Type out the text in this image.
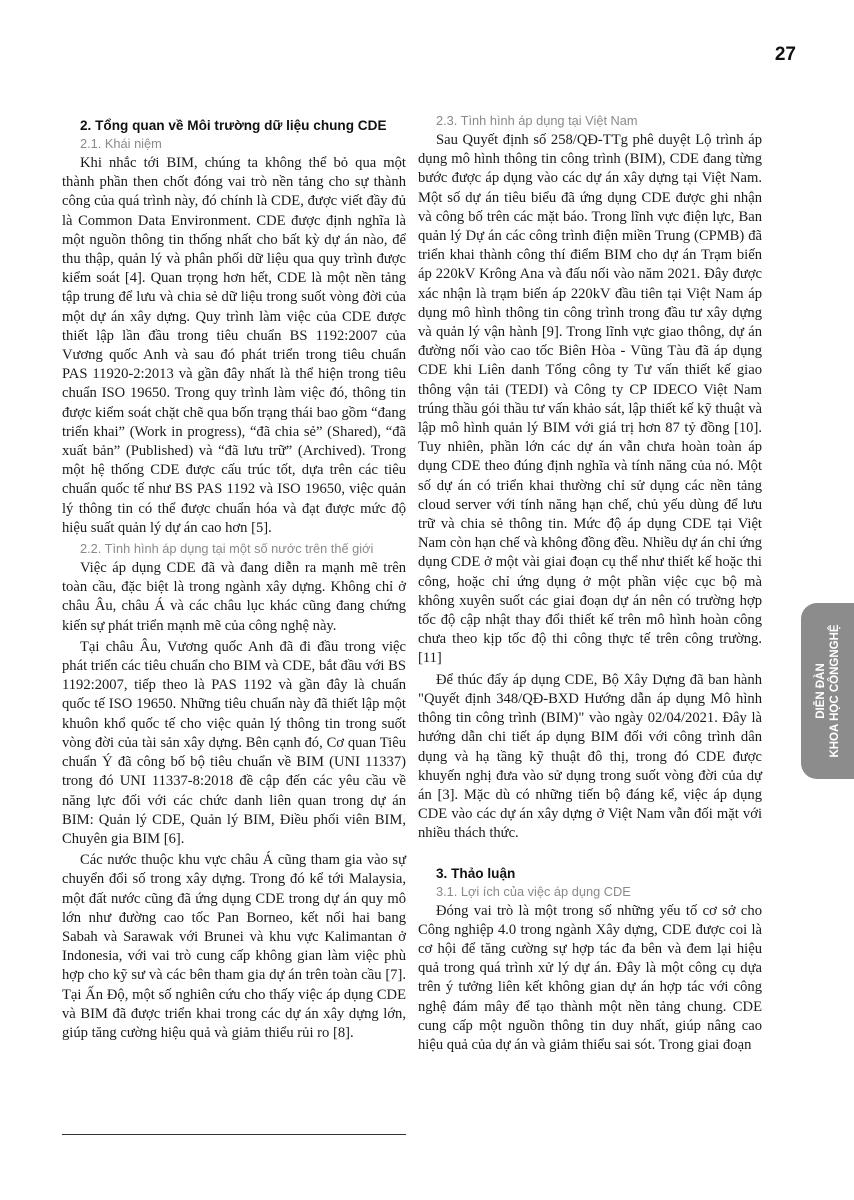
27
2. Tổng quan về Môi trường dữ liệu chung CDE
2.1. Khái niệm

Khi nhắc tới BIM, chúng ta không thể bỏ qua một thành phần then chốt đóng vai trò nền tảng cho sự thành công của quá trình này, đó chính là CDE, được viết đầy đủ là Common Data Environment. CDE được định nghĩa là một nguồn thông tin thống nhất cho bất kỳ dự án nào, để thu thập, quản lý và phân phối dữ liệu qua quy trình được kiểm soát [4]. Quan trọng hơn hết, CDE là một nền tảng tập trung để lưu và chia sẻ dữ liệu trong suốt vòng đời của một dự án xây dựng. Quy trình làm việc của CDE được thiết lập lần đầu trong tiêu chuẩn BS 1192:2007 của Vương quốc Anh và sau đó phát triển trong tiêu chuẩn PAS 11920-2:2013 và gần đây nhất là thể hiện trong tiêu chuẩn ISO 19650. Trong quy trình làm việc đó, thông tin được kiểm soát chặt chẽ qua bốn trạng thái bao gồm “đang triển khai” (Work in progress), “đã chia sẻ” (Shared), “đã xuất bản” (Published) và “đã lưu trữ” (Archived). Trong một hệ thống CDE được cấu trúc tốt, dựa trên các tiêu chuẩn quốc tế như BS PAS 1192 và ISO 19650, việc quản lý thông tin có thể được chuẩn hóa và đạt được mức độ hiệu suất quản lý dự án cao hơn [5].

2.2. Tình hình áp dụng tại một số nước trên thế giới

Việc áp dụng CDE đã và đang diễn ra mạnh mẽ trên toàn cầu, đặc biệt là trong ngành xây dựng. Không chỉ ở châu Âu, châu Á và các châu lục khác cũng đang chứng kiến sự phát triển mạnh mẽ của công nghệ này.

Tại châu Âu, Vương quốc Anh đã đi đầu trong việc phát triển các tiêu chuẩn cho BIM và CDE, bắt đầu với BS 1192:2007, tiếp theo là PAS 1192 và gần đây là chuẩn quốc tế ISO 19650. Những tiêu chuẩn này đã thiết lập một khuôn khổ quốc tế cho việc quản lý thông tin trong suốt vòng đời của tài sản xây dựng. Bên cạnh đó, Cơ quan Tiêu chuẩn Ý đã công bố bộ tiêu chuẩn về BIM (UNI 11337) trong đó UNI 11337-8:2018 đề cập đến các yêu cầu về năng lực đối với các chức danh liên quan trong dự án BIM: Quản lý CDE, Quản lý BIM, Điều phối viên BIM, Chuyên gia BIM [6].

Các nước thuộc khu vực châu Á cũng tham gia vào sự chuyển đổi số trong xây dựng. Trong đó kể tới Malaysia, một đất nước cũng đã ứng dụng CDE trong dự án quy mô lớn như đường cao tốc Pan Borneo, kết nối hai bang Sabah và Sarawak với Brunei và khu vực Kalimantan ở Indonesia, với vai trò cung cấp không gian làm việc phù hợp cho kỹ sư và các bên tham gia dự án trên toàn cầu [7]. Tại Ấn Độ, một số nghiên cứu cho thấy việc áp dụng CDE và BIM đã được triển khai trong các dự án xây dựng lớn, giúp tăng cường hiệu quả và giảm thiểu rủi ro [8].

2.3. Tình hình áp dụng tại Việt Nam

Sau Quyết định số 258/QĐ-TTg phê duyệt Lộ trình áp dụng mô hình thông tin công trình (BIM), CDE đang từng bước được áp dụng vào các dự án xây dựng tại Việt Nam. Một số dự án tiêu biểu đã ứng dụng CDE được ghi nhận và công bố trên các mặt báo. Trong lĩnh vực điện lực, Ban quản lý Dự án các công trình điện miền Trung (CPMB) đã triển khai thành công thí điểm BIM cho dự án Trạm biến áp 220kV Krông Ana và đấu nối vào năm 2021. Đây được xác nhận là trạm biến áp 220kV đầu tiên tại Việt Nam áp dụng mô hình thông tin công trình trong đầu tư xây dựng và quản lý vận hành [9]. Trong lĩnh vực giao thông, dự án đường nối vào cao tốc Biên Hòa - Vũng Tàu đã áp dụng CDE khi Liên danh Tổng công ty Tư vấn thiết kế giao thông vận tải (TEDI) và Công ty CP IDECO Việt Nam trúng thầu gói thầu tư vấn khảo sát, lập thiết kế kỹ thuật và lập mô hình quản lý BIM với giá trị hơn 87 tỷ đồng [10]. Tuy nhiên, phần lớn các dự án vẫn chưa hoàn toàn áp dụng CDE theo đúng định nghĩa và tính năng của nó. Một số dự án có triển khai thường chỉ sử dụng các nền tảng cloud server với tính năng hạn chế, chủ yếu dùng để lưu trữ và chia sẻ thông tin. Mức độ áp dụng CDE tại Việt Nam còn hạn chế và không đồng đều. Nhiều dự án chỉ ứng dụng CDE ở một vài giai đoạn cụ thể như thiết kế hoặc thi công, hoặc chỉ ứng dụng ở một phần việc cục bộ mà không xuyên suốt các giai đoạn dự án nên có trường hợp tốc độ cập nhật thay đổi thiết kế trên mô hình hoàn công chưa theo kịp tốc độ thi công thực tế trên công trường. [11]

Để thúc đẩy áp dụng CDE, Bộ Xây Dựng đã ban hành "Quyết định 348/QĐ-BXD Hướng dẫn áp dụng Mô hình thông tin công trình (BIM)" vào ngày 02/04/2021. Đây là hướng dẫn chi tiết áp dụng BIM đối với công trình dân dụng và hạ tầng kỹ thuật đô thị, trong đó CDE được khuyến nghị đưa vào sử dụng trong suốt vòng đời của dự án [3]. Mặc dù có những tiến bộ đáng kể, việc áp dụng CDE vào các dự án xây dựng ở Việt Nam vẫn đối mặt với nhiều thách thức.

3. Thảo luận
3.1. Lợi ích của việc áp dụng CDE

Đóng vai trò là một trong số những yếu tố cơ sở cho Công nghiệp 4.0 trong ngành Xây dựng, CDE được coi là cơ hội để tăng cường sự hợp tác đa bên và đem lại hiệu quả trong quá trình xử lý dự án. Đây là một công cụ dựa trên ý tưởng liên kết không gian dự án hợp tác với công nghệ đám mây để tạo thành một nền tảng chung. CDE cung cấp một nguồn thông tin duy nhất, giúp nâng cao hiệu quả của dự án và giảm thiểu sai sót. Trong giai đoạn

DIỄN ĐÀN KHOA HỌC CÔNGNGHỆ
